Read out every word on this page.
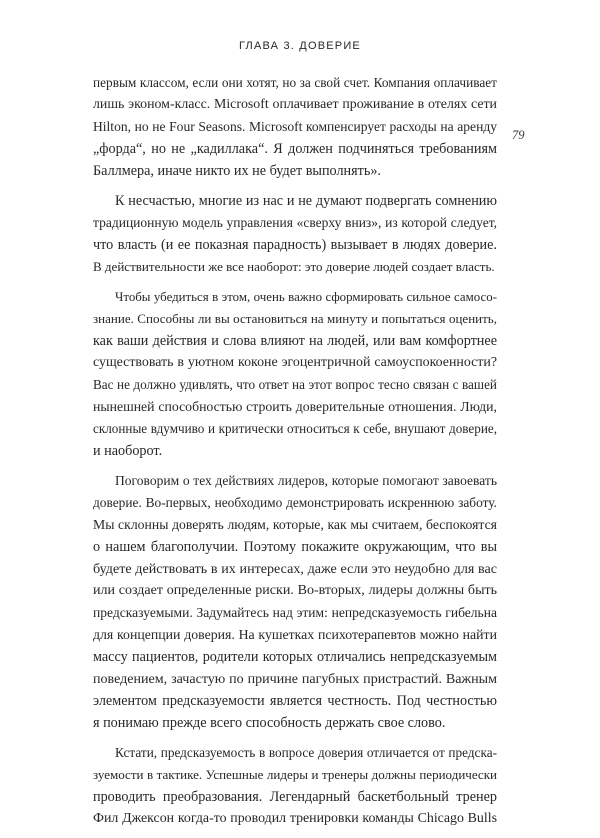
ГЛАВА 3. ДОВЕРИЕ
79

первым классом, если они хотят, но за свой счет. Компания оплачивает
лишь эконом-класс. Microsoft оплачивает проживание в отелях сети
Hilton, но не Four Seasons. Microsoft компенсирует расходы на аренду
„форда“, но не „кадиллака“. Я должен подчиняться требованиям
Баллмера, иначе никто их не будет выполнять».

К несчастью, многие из нас и не думают подвергать сомнению
традиционную модель управления «сверху вниз», из которой следует,
что власть (и ее показная парадность) вызывает в людях доверие.
В действительности же все наоборот: это доверие людей создает власть.

Чтобы убедиться в этом, очень важно сформировать сильное самосо-
знание. Способны ли вы остановиться на минуту и попытаться оценить,
как ваши действия и слова влияют на людей, или вам комфортнее
существовать в уютном коконе эгоцентричной самоуспокоенности?
Вас не должно удивлять, что ответ на этот вопрос тесно связан с вашей
нынешней способностью строить доверительные отношения. Люди,
склонные вдумчиво и критически относиться к себе, внушают доверие,
и наоборот.

Поговорим о тех действиях лидеров, которые помогают завоевать
доверие. Во-первых, необходимо демонстрировать искреннюю заботу.
Мы склонны доверять людям, которые, как мы считаем, беспокоятся
о нашем благополучии. Поэтому покажите окружающим, что вы
будете действовать в их интересах, даже если это неудобно для вас
или создает определенные риски. Во-вторых, лидеры должны быть
предсказуемыми. Задумайтесь над этим: непредсказуемость гибельна
для концепции доверия. На кушетках психотерапевтов можно найти
массу пациентов, родители которых отличались непредсказуемым
поведением, зачастую по причине пагубных пристрастий. Важным
элементом предсказуемости является честность. Под честностью
я понимаю прежде всего способность держать свое слово.

Кстати, предсказуемость в вопросе доверия отличается от предска-
зуемости в тактике. Успешные лидеры и тренеры должны периодически
проводить преобразования. Легендарный баскетбольный тренер
Фил Джексон когда-то проводил тренировки команды Chicago Bulls
